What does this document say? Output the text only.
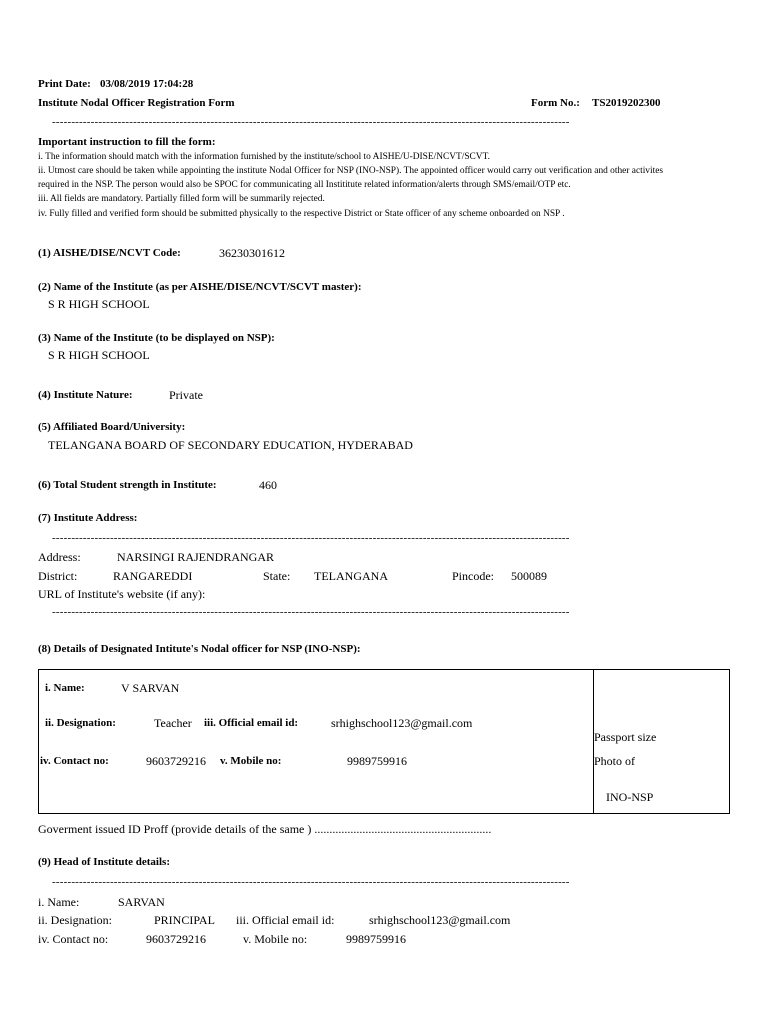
Print Date: 03/08/2019 17:04:28
Institute Nodal Officer Registration Form	Form No.: TS2019202300
--------------------------------------------------------------------------------------------------------------------------------------
Important instruction to fill the form:
i. The information should match with the information furnished by the institute/school to AISHE/U-DISE/NCVT/SCVT.
ii. Utmost care should be taken while appointing the institute Nodal Officer for NSP (INO-NSP). The appointed officer would carry out verification and other activites
required in the NSP. The person would also be SPOC for communicating all Instititute related information/alerts through SMS/email/OTP etc.
iii. All fields are mandatory. Partially filled form will be summarily rejected.
iv. Fully filled and verified form should be submitted physically to the respective District or State officer of any scheme onboarded on NSP .
(1) AISHE/DISE/NCVT Code:	36230301612
(2) Name of the Institute (as per AISHE/DISE/NCVT/SCVT master):
S R HIGH SCHOOL
(3) Name of the Institute (to be displayed on NSP):
S R HIGH SCHOOL
(4) Institute Nature:	Private
(5) Affiliated Board/University:
TELANGANA BOARD OF SECONDARY EDUCATION, HYDERABAD
(6) Total Student strength in Institute:	460
(7) Institute Address:
--------------------------------------------------------------------------------------------------------------------------------------
Address:	NARSINGI RAJENDRANGAR
District:	RANGAREDDI	State: TELANGANA	Pincode: 500089
URL of Institute's website (if any):
--------------------------------------------------------------------------------------------------------------------------------------
(8) Details of Designated Intitute's Nodal officer for NSP (INO-NSP):
i. Name:	V SARVAN
ii. Designation:	Teacher iii. Official email id:	srhighschool123@gmail.com
iv. Contact no:	9603729216 v. Mobile no:	9989759916
Passport size
Photo of
INO-NSP
Goverment issued ID Proff (provide details of the same ) ...........................................................
(9) Head of Institute details:
--------------------------------------------------------------------------------------------------------------------------------------
i. Name:	SARVAN
ii. Designation:	PRINCIPAL iii. Official email id:	srhighschool123@gmail.com
iv. Contact no:	9603729216	v. Mobile no:	9989759916
